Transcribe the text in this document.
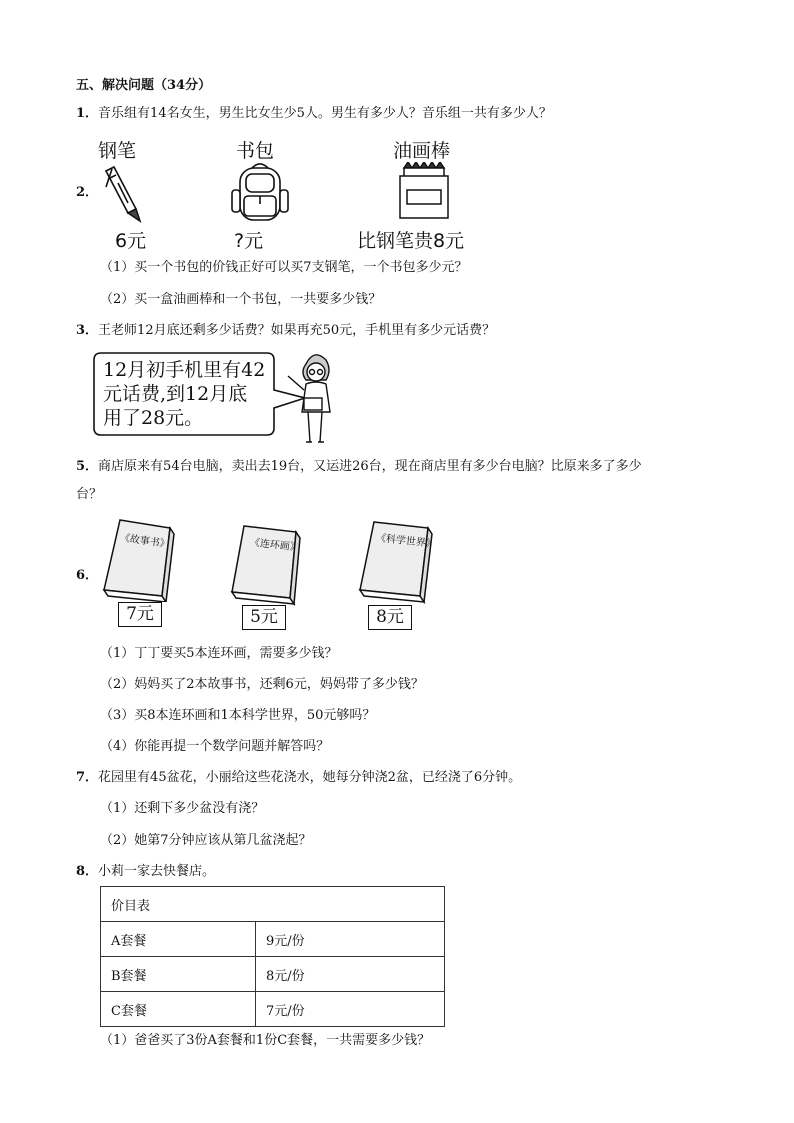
五、解决问题（34分）
1．音乐组有14名女生，男生比女生少5人。男生有多少人？音乐组一共有多少人？
2．
钢笔
6元
书包
?元
油画棒
比钢笔贵8元
（1）买一个书包的价钱正好可以买7支钢笔，一个书包多少元？
（2）买一盒油画棒和一个书包，一共要多少钱？
3．王老师12月底还剩多少话费？如果再充50元，手机里有多少元话费？
12月初手机里有42
元话费,到12月底
用了28元。
5．商店原来有54台电脑，卖出去19台，又运进26台，现在商店里有多少台电脑？比原来多了多少
台？
6．
《故事书》
7元
《连环画》
5元
《科学世界》
8元
（1）丁丁要买5本连环画，需要多少钱？
（2）妈妈买了2本故事书，还剩6元，妈妈带了多少钱？
（3）买8本连环画和1本科学世界，50元够吗？
（4）你能再提一个数学问题并解答吗？
7．花园里有45盆花，小丽给这些花浇水，她每分钟浇2盆，已经浇了6分钟。
（1）还剩下多少盆没有浇？
（2）她第7分钟应该从第几盆浇起？
8．小莉一家去快餐店。
价目表	
A套餐	9元/份
B套餐	8元/份
C套餐	7元/份
（1）爸爸买了3份A套餐和1份C套餐，一共需要多少钱？
